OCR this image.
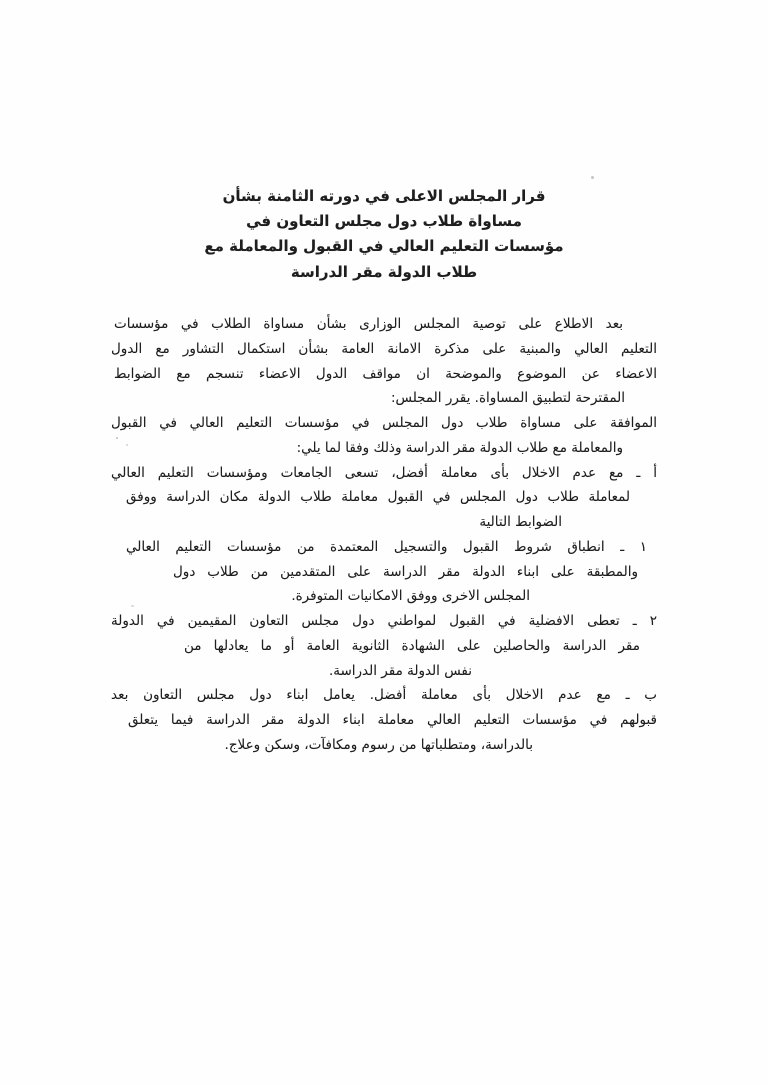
قرار المجلس الاعلى في دورته الثامنة بشأن
مساواة طلاب دول مجلس التعاون في
مؤسسات التعليم العالي في القبول والمعاملة مع
طلاب الدولة مقر الدراسة
بعد الاطلاع على توصية المجلس الوزارى بشأن مساواة الطلاب في مؤسسات
التعليم العالي والمبنية على مذكرة الامانة العامة بشأن استكمال التشاور مع الدول
الاعضاء عن الموضوع والموضحة ان مواقف الدول الاعضاء تنسجم مع الضوابط
المقترحة لتطبيق المساواة. يقرر المجلس:
الموافقة على مساواة طلاب دول المجلس في مؤسسات التعليم العالي في القبول
والمعاملة مع طلاب الدولة مقر الدراسة وذلك وفقا لما يلي:
أ ـ مع عدم الاخلال بأى معاملة أفضل، تسعى الجامعات ومؤسسات التعليم العالي
لمعاملة طلاب دول المجلس في القبول معاملة طلاب الدولة مكان الدراسة ووفق
الضوابط التالية
١ ـ انطباق شروط القبول والتسجيل المعتمدة من مؤسسات التعليم العالي
والمطبقة على ابناء الدولة مقر الدراسة على المتقدمين من طلاب دول
المجلس الاخرى ووفق الامكانيات المتوفرة.
٢ ـ تعطى الافضلية في القبول لمواطني دول مجلس التعاون المقيمين في الدولة
مقر الدراسة والحاصلين على الشهادة الثانوية العامة أو ما يعادلها من
نفس الدولة مقر الدراسة.
ب ـ مع عدم الاخلال بأى معاملة أفضل. يعامل ابناء دول مجلس التعاون بعد
قبولهم في مؤسسات التعليم العالي معاملة ابناء الدولة مقر الدراسة فيما يتعلق
بالدراسة، ومتطلباتها من رسوم ومكافآت، وسكن وعلاج.
